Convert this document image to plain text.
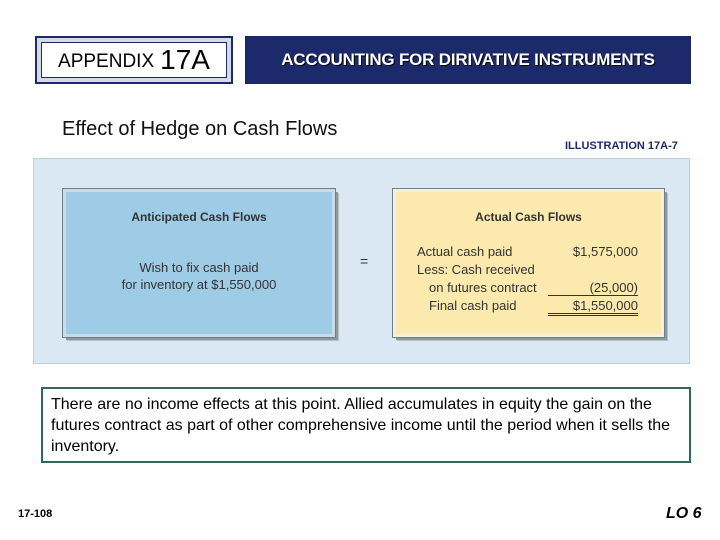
APPENDIX 17A	ACCOUNTING FOR DIRIVATIVE INSTRUMENTS
Effect of Hedge on Cash Flows
ILLUSTRATION 17A-7
Anticipated Cash Flows
Wish to fix cash paid
for inventory at $1,550,000
=
Actual Cash Flows
Actual cash paid	$1,575,000
Less: Cash received
on futures contract	(25,000)
Final cash paid	$1,550,000
There are no income effects at this point. Allied accumulates in equity the gain on the futures contract as part of other comprehensive income until the period when it sells the inventory.
17-108	LO 6
